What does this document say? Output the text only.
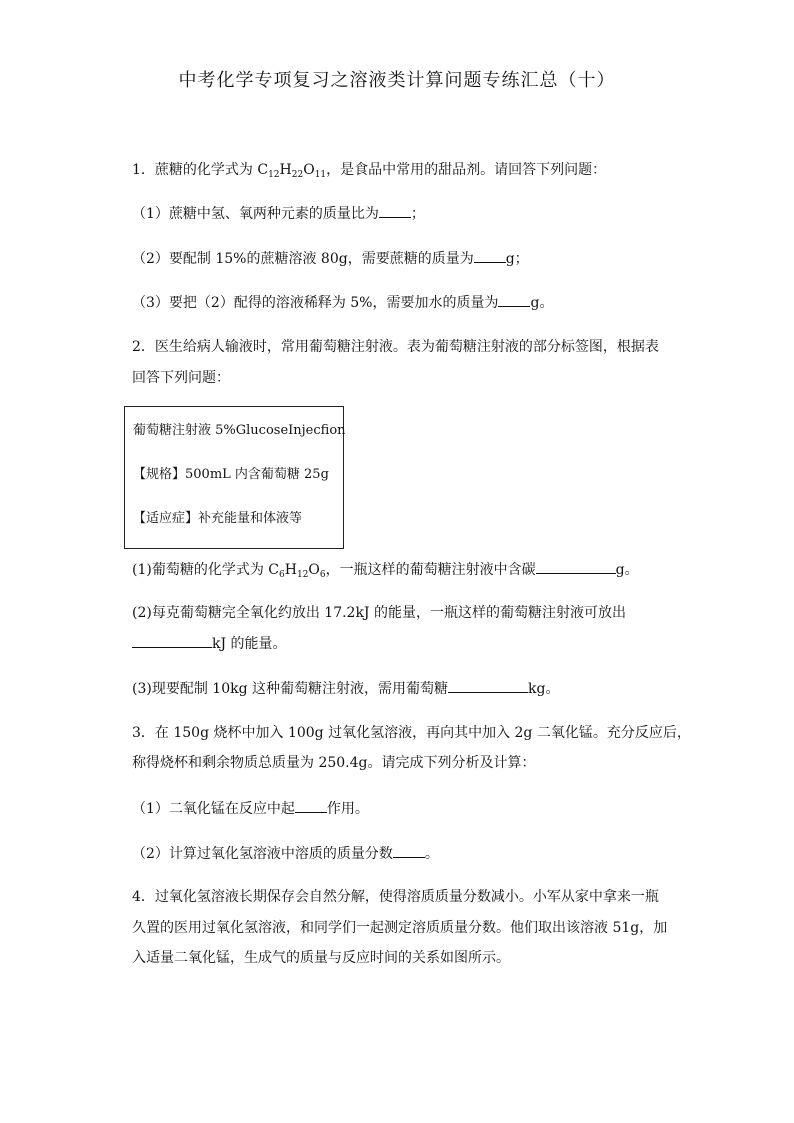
中考化学专项复习之溶液类计算问题专练汇总（十）
1．蔗糖的化学式为 $C_{12}H_{22}O_{11}$，是食品中常用的甜品剂。请回答下列问题：
（1）蔗糖中氢、氧两种元素的质量比为 ；
（2）要配制 15%的蔗糖溶液 80g，需要蔗糖的质量为 g；
（3）要把（2）配得的溶液稀释为 5%，需要加水的质量为 g。
2．医生给病人输液时，常用葡萄糖注射液。表为葡萄糖注射液的部分标签图，根据表
回答下列问题：
葡萄糖注射液 5%GlucoseInjecfion
【规格】500mL 内含葡萄糖 25g
【适应症】补充能量和体液等
(1)葡萄糖的化学式为 $C_6H_{12}O_6$，一瓶这样的葡萄糖注射液中含碳	g。
(2)每克葡萄糖完全氧化约放出 17.2kJ 的能量，一瓶这样的葡萄糖注射液可放出
kJ 的能量。
(3)现要配制 10kg 这种葡萄糖注射液，需用葡萄糖	kg。
3．在 150g 烧杯中加入 100g 过氧化氢溶液，再向其中加入 2g 二氧化锰。充分反应后，
称得烧杯和剩余物质总质量为 250.4g。请完成下列分析及计算：
（1）二氧化锰在反应中起 作用。
（2）计算过氧化氢溶液中溶质的质量分数 。
4．过氧化氢溶液长期保存会自然分解，使得溶质质量分数减小。小军从家中拿来一瓶
久置的医用过氧化氢溶液，和同学们一起测定溶质质量分数。他们取出该溶液 51g，加
入适量二氧化锰，生成气的质量与反应时间的关系如图所示。
